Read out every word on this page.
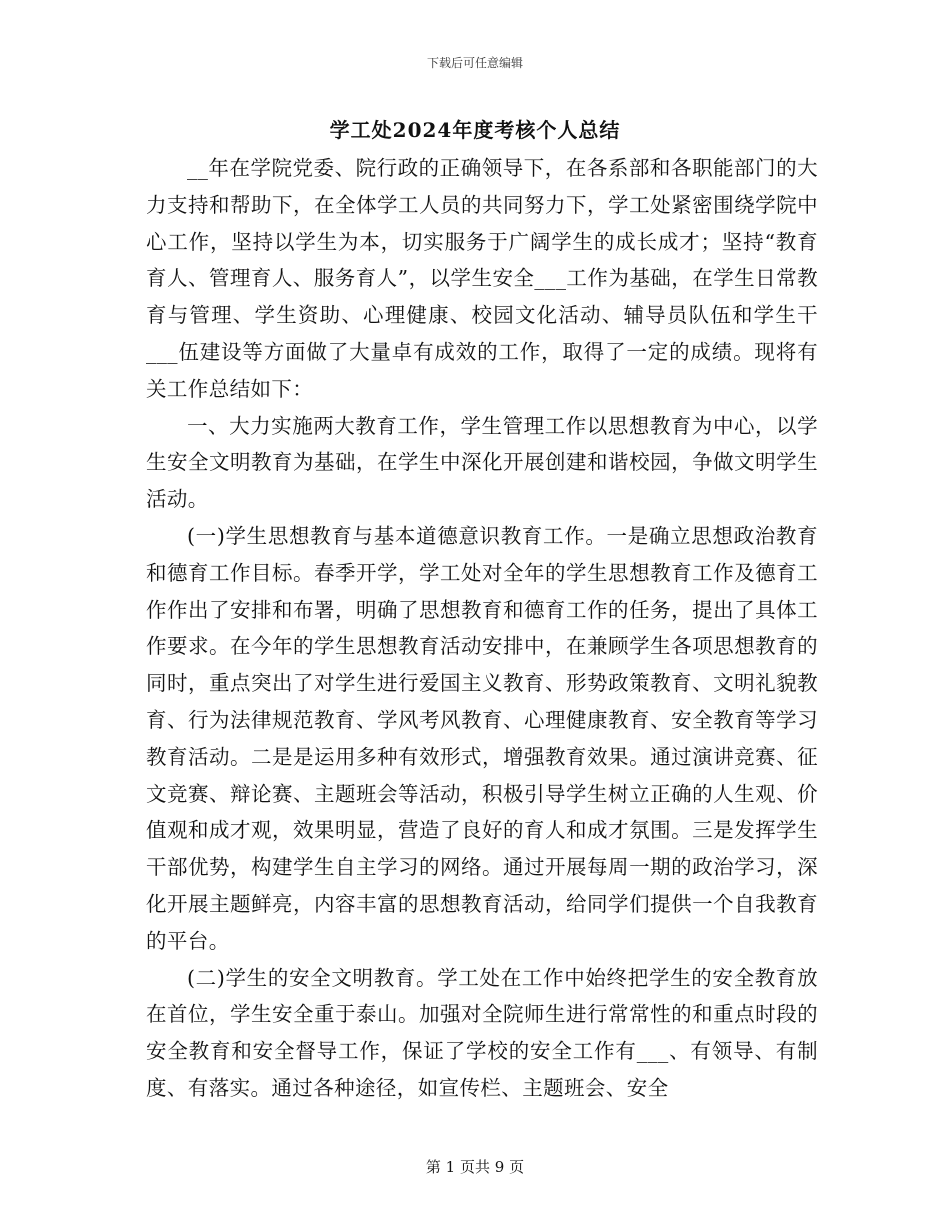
下载后可任意编辑
学工处2024年度考核个人总结

__年在学院党委、院行政的正确领导下，在各系部和各职能部门的大力支持和帮助下，在全体学工人员的共同努力下，学工处紧密围绕学院中心工作，坚持以学生为本，切实服务于广阔学生的成长成才；坚持“教育育人、管理育人、服务育人”，以学生安全___工作为基础，在学生日常教育与管理、学生资助、心理健康、校园文化活动、辅导员队伍和学生干___伍建设等方面做了大量卓有成效的工作，取得了一定的成绩。现将有关工作总结如下：

一、大力实施两大教育工作，学生管理工作以思想教育为中心，以学生安全文明教育为基础，在学生中深化开展创建和谐校园，争做文明学生活动。

(一)学生思想教育与基本道德意识教育工作。一是确立思想政治教育和德育工作目标。春季开学，学工处对全年的学生思想教育工作及德育工作作出了安排和布署，明确了思想教育和德育工作的任务，提出了具体工作要求。在今年的学生思想教育活动安排中，在兼顾学生各项思想教育的同时，重点突出了对学生进行爱国主义教育、形势政策教育、文明礼貌教育、行为法律规范教育、学风考风教育、心理健康教育、安全教育等学习教育活动。二是是运用多种有效形式，增强教育效果。通过演讲竞赛、征文竞赛、辩论赛、主题班会等活动，积极引导学生树立正确的人生观、价值观和成才观，效果明显，营造了良好的育人和成才氛围。三是发挥学生干部优势，构建学生自主学习的网络。通过开展每周一期的政治学习，深化开展主题鲜亮，内容丰富的思想教育活动，给同学们提供一个自我教育的平台。

(二)学生的安全文明教育。学工处在工作中始终把学生的安全教育放在首位，学生安全重于泰山。加强对全院师生进行常常性的和重点时段的安全教育和安全督导工作，保证了学校的安全工作有___、有领导、有制度、有落实。通过各种途径，如宣传栏、主题班会、安全

第 1 页共 9 页
